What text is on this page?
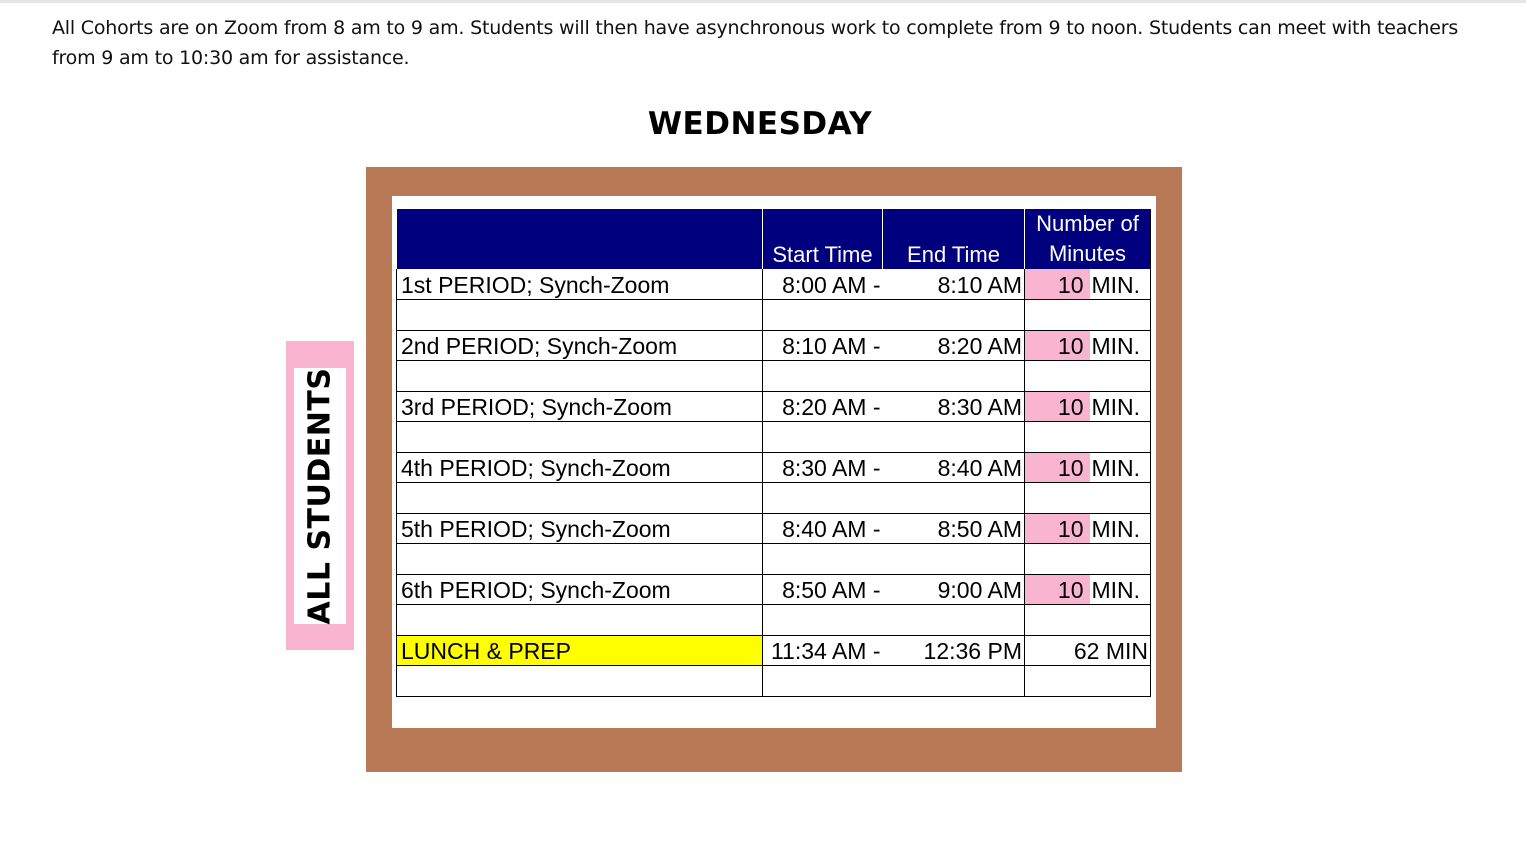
All Cohorts are on Zoom from 8 am to 9 am. Students will then have asynchronous work to complete from 9 to noon. Students can meet with teachers from 9 am to 10:30 am for assistance.
WEDNESDAY
ALL STUDENTS
	Start Time	End Time	Number of
Minutes	

1st PERIOD; Synch-Zoom	8:00 AM -	8:10 AM	10	MIN.

2nd PERIOD; Synch-Zoom	8:10 AM -	8:20 AM	10	MIN.

3rd PERIOD; Synch-Zoom	8:20 AM -	8:30 AM	10	MIN.

4th PERIOD; Synch-Zoom	8:30 AM -	8:40 AM	10	MIN.

5th PERIOD; Synch-Zoom	8:40 AM -	8:50 AM	10	MIN.

6th PERIOD; Synch-Zoom	8:50 AM -	9:00 AM	10	MIN.

LUNCH & PREP	11:34 AM -	12:36 PM	62 MIN	
